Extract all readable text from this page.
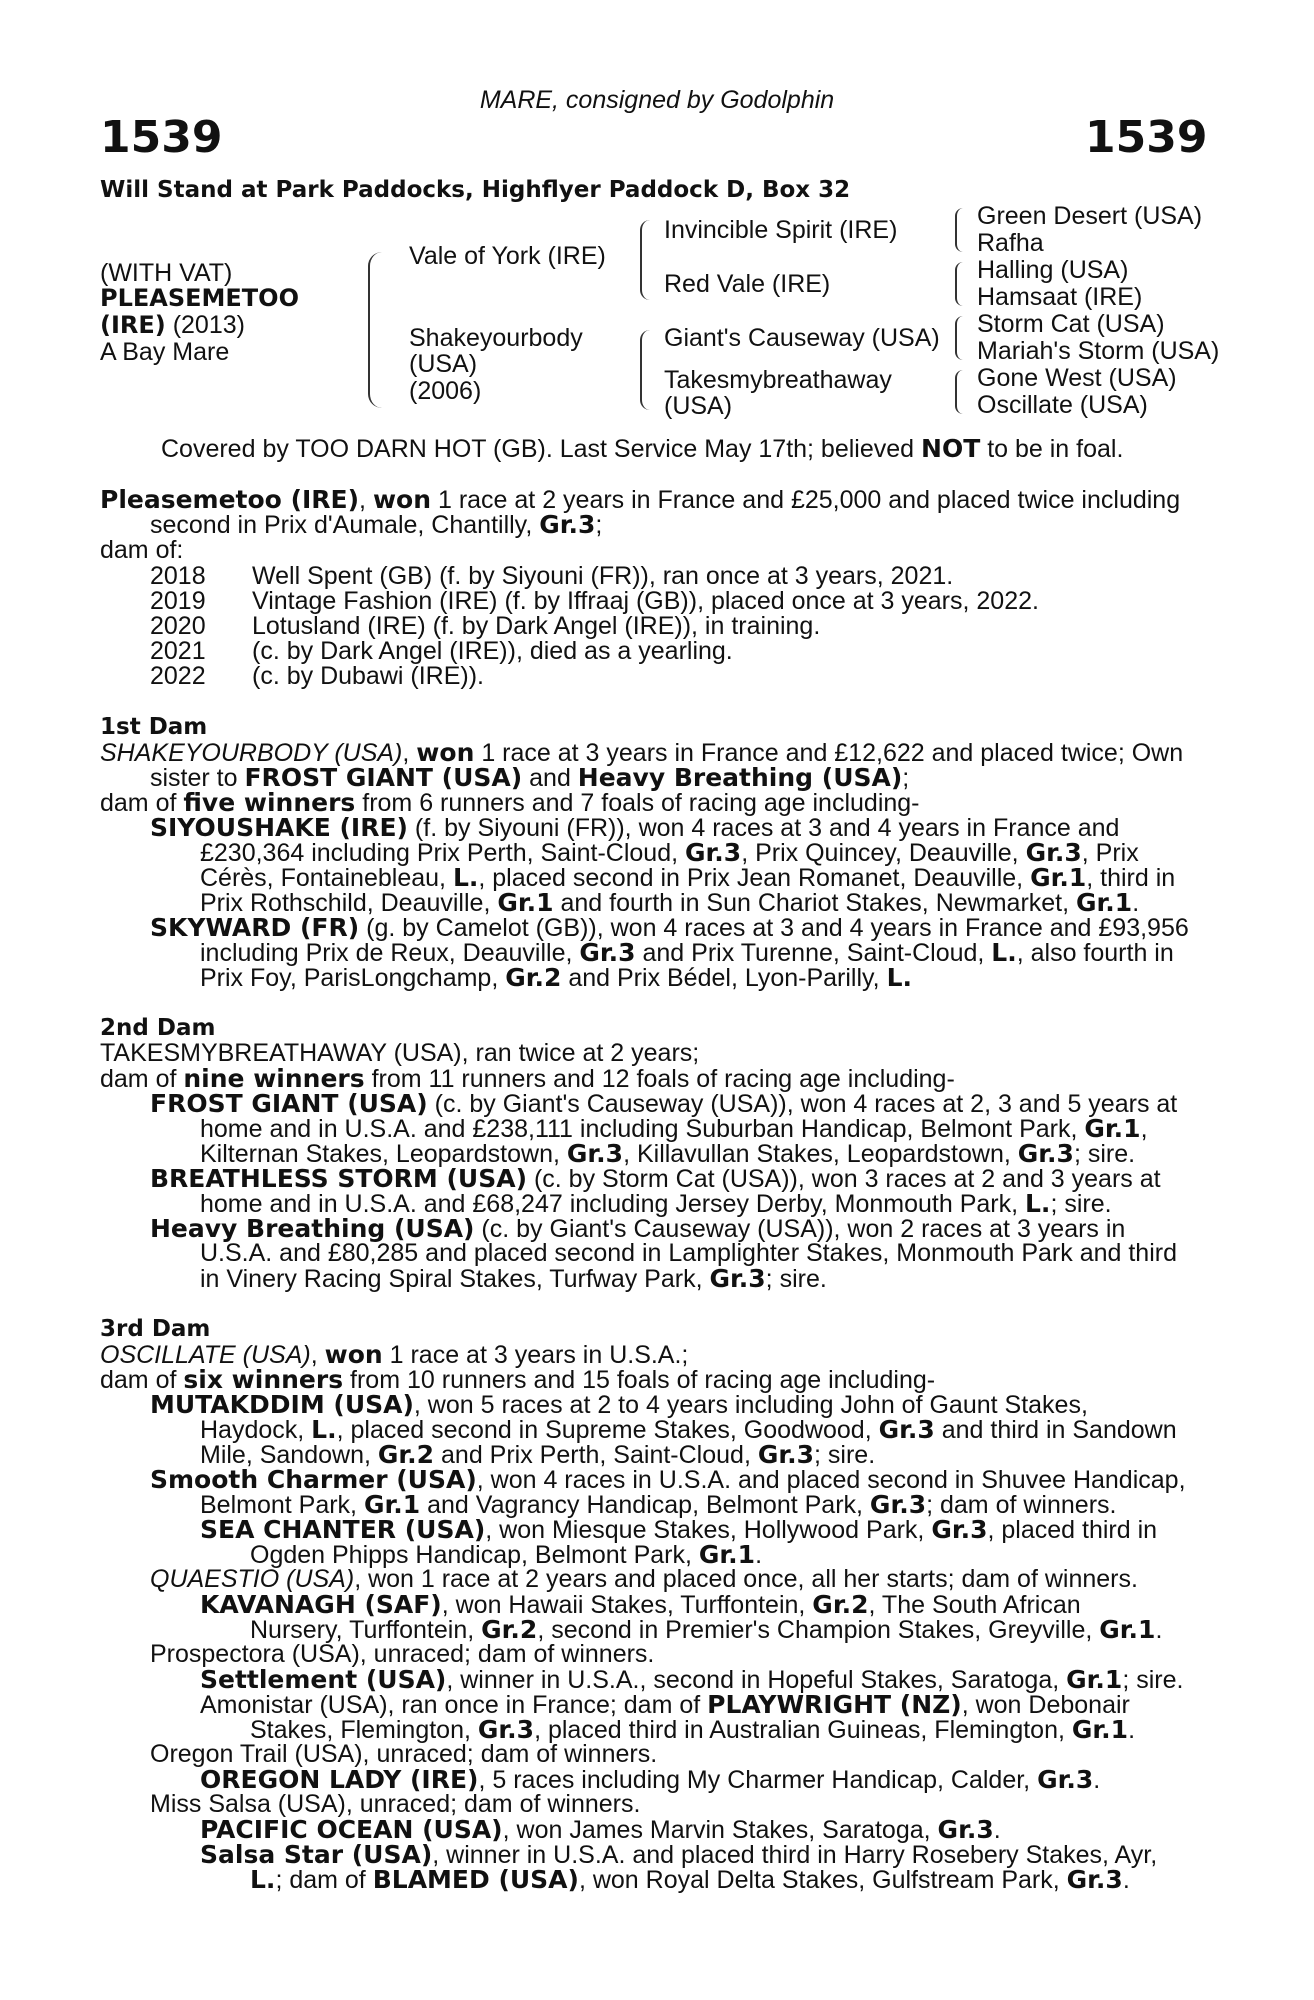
MARE, consigned by Godolphin
1539	1539
Will Stand at Park Paddocks, Highflyer Paddock D, Box 32
(WITH VAT)
PLEASEMETOO
(IRE) (2013)
A Bay Mare
Vale of York (IRE)
Shakeyourbody
(USA)
(2006)
Invincible Spirit (IRE)
Red Vale (IRE)
Giant's Causeway (USA)
Takesmybreathaway
(USA)
Green Desert (USA)
Rafha
Halling (USA)
Hamsaat (IRE)
Storm Cat (USA)
Mariah's Storm (USA)
Gone West (USA)
Oscillate (USA)
Covered by TOO DARN HOT (GB). Last Service May 17th; believed NOT to be in foal.
Pleasemetoo (IRE), won 1 race at 2 years in France and £25,000 and placed twice including
second in Prix d'Aumale, Chantilly, Gr.3;
dam of:
2018 Well Spent (GB) (f. by Siyouni (FR)), ran once at 3 years, 2021.
2019 Vintage Fashion (IRE) (f. by Iffraaj (GB)), placed once at 3 years, 2022.
2020 Lotusland (IRE) (f. by Dark Angel (IRE)), in training.
2021 (c. by Dark Angel (IRE)), died as a yearling.
2022 (c. by Dubawi (IRE)).
1st Dam
SHAKEYOURBODY (USA), won 1 race at 3 years in France and £12,622 and placed twice; Own
sister to FROST GIANT (USA) and Heavy Breathing (USA);
dam of five winners from 6 runners and 7 foals of racing age including-
SIYOUSHAKE (IRE) (f. by Siyouni (FR)), won 4 races at 3 and 4 years in France and
£230,364 including Prix Perth, Saint-Cloud, Gr.3, Prix Quincey, Deauville, Gr.3, Prix
Cérès, Fontainebleau, L., placed second in Prix Jean Romanet, Deauville, Gr.1, third in
Prix Rothschild, Deauville, Gr.1 and fourth in Sun Chariot Stakes, Newmarket, Gr.1.
SKYWARD (FR) (g. by Camelot (GB)), won 4 races at 3 and 4 years in France and £93,956
including Prix de Reux, Deauville, Gr.3 and Prix Turenne, Saint-Cloud, L., also fourth in
Prix Foy, ParisLongchamp, Gr.2 and Prix Bédel, Lyon-Parilly, L.
2nd Dam
TAKESMYBREATHAWAY (USA), ran twice at 2 years;
dam of nine winners from 11 runners and 12 foals of racing age including-
FROST GIANT (USA) (c. by Giant's Causeway (USA)), won 4 races at 2, 3 and 5 years at
home and in U.S.A. and £238,111 including Suburban Handicap, Belmont Park, Gr.1,
Kilternan Stakes, Leopardstown, Gr.3, Killavullan Stakes, Leopardstown, Gr.3; sire.
BREATHLESS STORM (USA) (c. by Storm Cat (USA)), won 3 races at 2 and 3 years at
home and in U.S.A. and £68,247 including Jersey Derby, Monmouth Park, L.; sire.
Heavy Breathing (USA) (c. by Giant's Causeway (USA)), won 2 races at 3 years in
U.S.A. and £80,285 and placed second in Lamplighter Stakes, Monmouth Park and third
in Vinery Racing Spiral Stakes, Turfway Park, Gr.3; sire.
3rd Dam
OSCILLATE (USA), won 1 race at 3 years in U.S.A.;
dam of six winners from 10 runners and 15 foals of racing age including-
MUTAKDDIM (USA), won 5 races at 2 to 4 years including John of Gaunt Stakes,
Haydock, L., placed second in Supreme Stakes, Goodwood, Gr.3 and third in Sandown
Mile, Sandown, Gr.2 and Prix Perth, Saint-Cloud, Gr.3; sire.
Smooth Charmer (USA), won 4 races in U.S.A. and placed second in Shuvee Handicap,
Belmont Park, Gr.1 and Vagrancy Handicap, Belmont Park, Gr.3; dam of winners.
SEA CHANTER (USA), won Miesque Stakes, Hollywood Park, Gr.3, placed third in
Ogden Phipps Handicap, Belmont Park, Gr.1.
QUAESTIO (USA), won 1 race at 2 years and placed once, all her starts; dam of winners.
KAVANAGH (SAF), won Hawaii Stakes, Turffontein, Gr.2, The South African
Nursery, Turffontein, Gr.2, second in Premier's Champion Stakes, Greyville, Gr.1.
Prospectora (USA), unraced; dam of winners.
Settlement (USA), winner in U.S.A., second in Hopeful Stakes, Saratoga, Gr.1; sire.
Amonistar (USA), ran once in France; dam of PLAYWRIGHT (NZ), won Debonair
Stakes, Flemington, Gr.3, placed third in Australian Guineas, Flemington, Gr.1.
Oregon Trail (USA), unraced; dam of winners.
OREGON LADY (IRE), 5 races including My Charmer Handicap, Calder, Gr.3.
Miss Salsa (USA), unraced; dam of winners.
PACIFIC OCEAN (USA), won James Marvin Stakes, Saratoga, Gr.3.
Salsa Star (USA), winner in U.S.A. and placed third in Harry Rosebery Stakes, Ayr,
L.; dam of BLAMED (USA), won Royal Delta Stakes, Gulfstream Park, Gr.3.
